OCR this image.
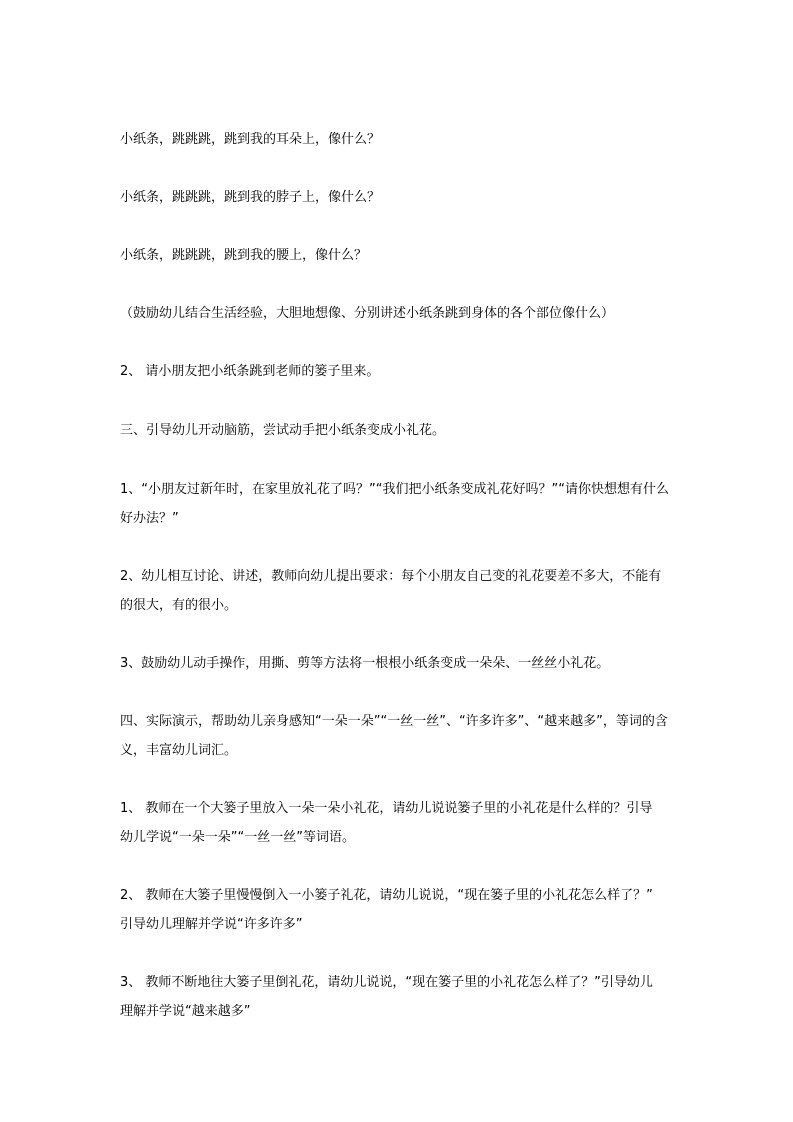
小纸条，跳跳跳，跳到我的耳朵上，像什么？

小纸条，跳跳跳，跳到我的脖子上，像什么？

小纸条，跳跳跳，跳到我的腰上，像什么？

（鼓励幼儿结合生活经验，大胆地想像、分别讲述小纸条跳到身体的各个部位像什么）

2、 请小朋友把小纸条跳到老师的篓子里来。

三、引导幼儿开动脑筋，尝试动手把小纸条变成小礼花。

1、“小朋友过新年时，在家里放礼花了吗？”“我们把小纸条变成礼花好吗？”“请你快想想有什么
好办法？”

2、幼儿相互讨论、讲述，教师向幼儿提出要求：每个小朋友自己变的礼花要差不多大，不能有
的很大，有的很小。

3、鼓励幼儿动手操作，用撕、剪等方法将一根根小纸条变成一朵朵、一丝丝小礼花。

四、实际演示，帮助幼儿亲身感知“一朵一朵”“一丝一丝”、“许多许多”、“越来越多”，等词的含
义，丰富幼儿词汇。

1、 教师在一个大篓子里放入一朵一朵小礼花，请幼儿说说篓子里的小礼花是什么样的？引导
幼儿学说“一朵一朵”“一丝一丝”等词语。

2、 教师在大篓子里慢慢倒入一小篓子礼花，请幼儿说说，“现在篓子里的小礼花怎么样了？”
引导幼儿理解并学说“许多许多”

3、 教师不断地往大篓子里倒礼花，请幼儿说说，“现在篓子里的小礼花怎么样了？”引导幼儿
理解并学说“越来越多”
